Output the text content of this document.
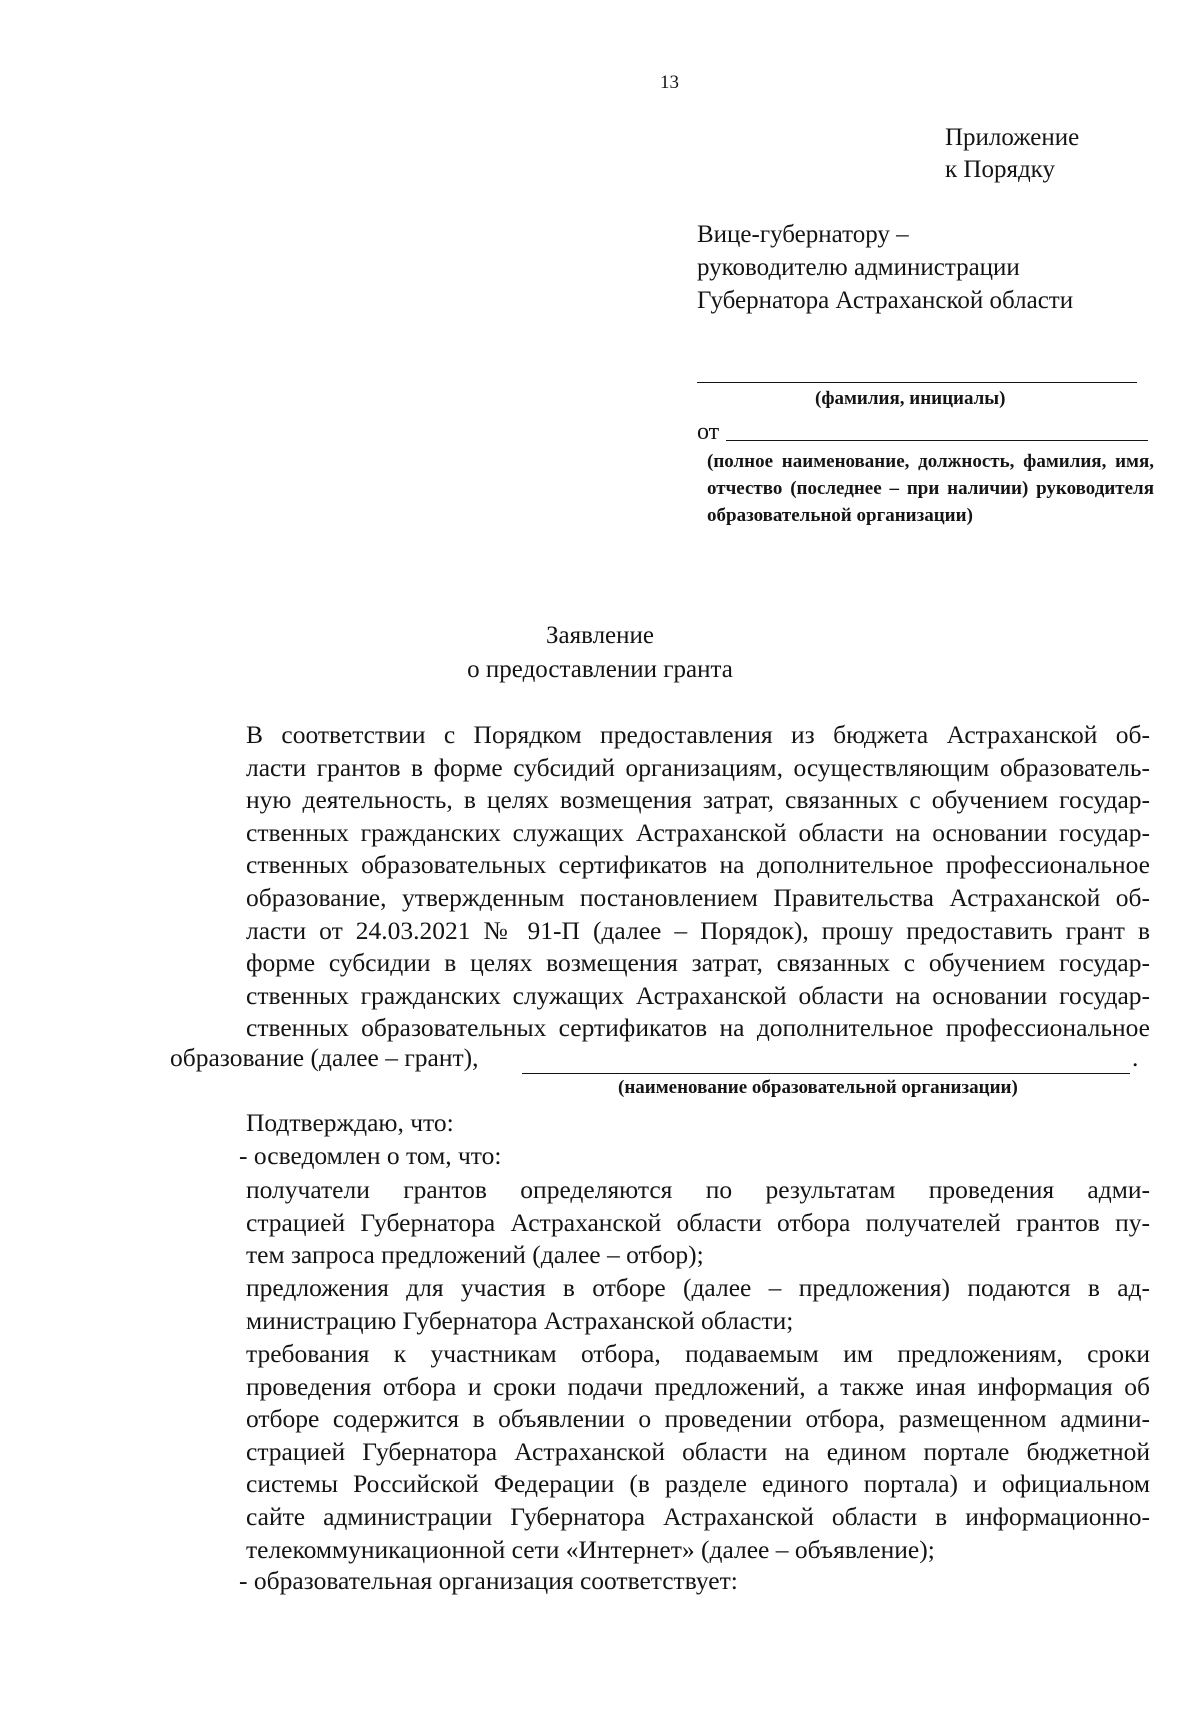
13
Приложение
к Порядку
Вице-губернатору –
руководителю администрации
Губернатора Астраханской области
(фамилия, инициалы)
от
(полное наименование, должность, фамилия, имя, отчество (последнее – при наличии) руководителя образовательной организации)
Заявление
о предоставлении гранта
В соответствии с Порядком предоставления из бюджета Астраханской об-
ласти грантов в форме субсидий организациям, осуществляющим образователь-
ную деятельность, в целях возмещения затрат, связанных с обучением государ-
ственных гражданских служащих Астраханской области на основании государ-
ственных образовательных сертификатов на дополнительное профессиональное
образование, утвержденным постановлением Правительства Астраханской об-
ласти от 24.03.2021 № 91-П (далее – Порядок), прошу предоставить грант в
форме субсидии в целях возмещения затрат, связанных с обучением государ-
ственных гражданских служащих Астраханской области на основании государ-
ственных образовательных сертификатов на дополнительное профессиональное
образование (далее – грант),	.
(наименование образовательной организации)
Подтверждаю, что:
- осведомлен о том, что:
получатели грантов определяются по результатам проведения адми-
страцией Губернатора Астраханской области отбора получателей грантов пу-
тем запроса предложений (далее – отбор);
предложения для участия в отборе (далее – предложения) подаются в ад-
министрацию Губернатора Астраханской области;
требования к участникам отбора, подаваемым им предложениям, сроки
проведения отбора и сроки подачи предложений, а также иная информация об
отборе содержится в объявлении о проведении отбора, размещенном админи-
страцией Губернатора Астраханской области на едином портале бюджетной
системы Российской Федерации (в разделе единого портала) и официальном
сайте администрации Губернатора Астраханской области в информационно-
телекоммуникационной сети «Интернет» (далее – объявление);
- образовательная организация соответствует:
